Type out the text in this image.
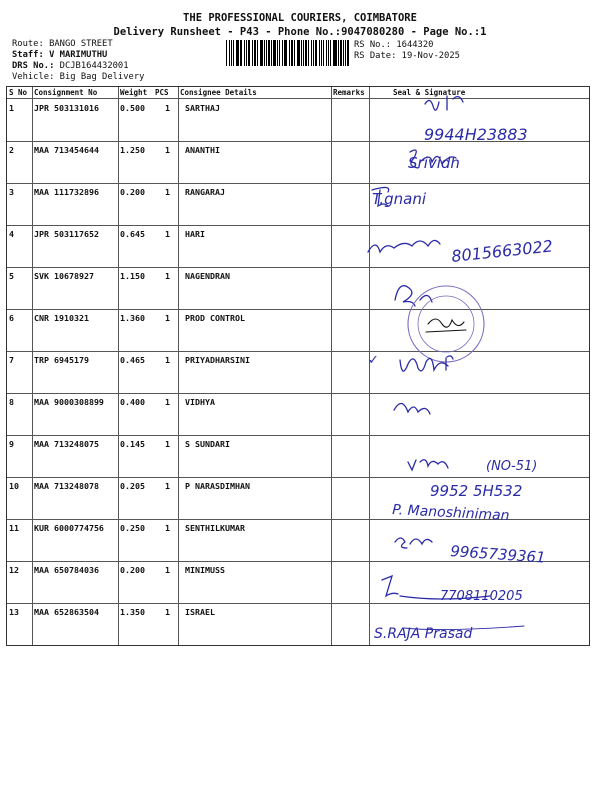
THE PROFESSIONAL COURIERS, COIMBATORE
Delivery Runsheet - P43 - Phone No.:9047080280 - Page No.:1
Route: BANGO STREET
Staff: V MARIMUTHU
DRS No.: DCJB164432001
Vehicle: Big Bag Delivery
RS No.: 1644320
RS Date: 19-Nov-2025
S No Consignment No	Weight PCS Consignee Details	Remarks	Seal & Signature
1 JPR 503131016	0.500 1 SARTHAJ
2 MAA 713454644	1.250 1 ANANTHI
3 MAA 111732896	0.200 1 RANGARAJ
4 JPR 503117652	0.645 1 HARI
5 SVK 10678927	1.150 1 NAGENDRAN
6 CNR 1910321	1.360 1 PROD CONTROL
7 TRP 6945179	0.465 1 PRIYADHARSINI
8 MAA 9000308899 0.400 1 VIDHYA
9 MAA 713248075	0.145 1 S SUNDARI
10 MAA 713248078	0.205 1 P NARASDIMHAN
11 KUR 6000774756 0.250 1 SENTHILKUMAR
12 MAA 650784036	0.200 1 MINIMUSS
13 MAA 652863504	1.350 1 ISRAEL
9944H23883
Srividh
T.gnani
8015663022
(NO-51)
9952 5H532
P. Manoshiniman
9965739361
7708110205
S.RAJA Prasad
✓
